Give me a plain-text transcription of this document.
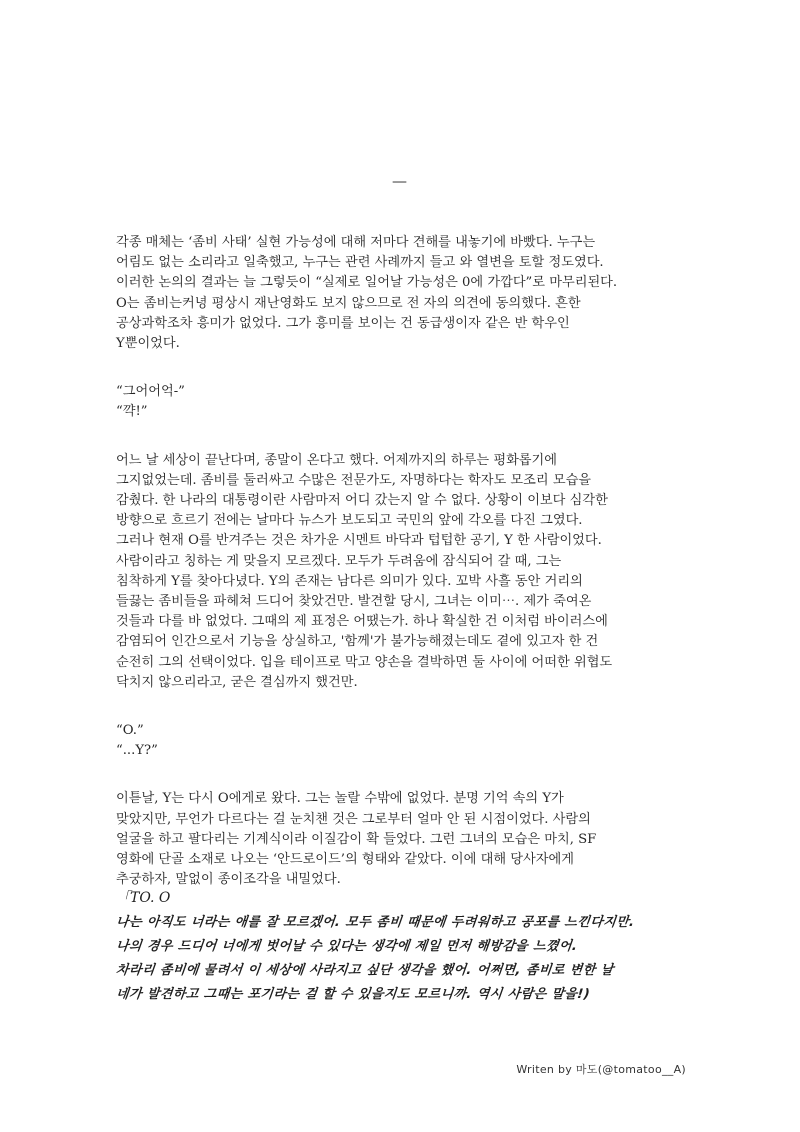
—
각종 매체는 ‘좀비 사태’ 실현 가능성에 대해 저마다 견해를 내놓기에 바빴다. 누구는
어림도 없는 소리라고 일축했고, 누구는 관련 사례까지 들고 와 열변을 토할 정도였다.
이러한 논의의 결과는 늘 그렇듯이 “실제로 일어날 가능성은 0에 가깝다”로 마무리된다.
O는 좀비는커녕 평상시 재난영화도 보지 않으므로 전 자의 의견에 동의했다. 흔한
공상과학조차 흥미가 없었다. 그가 흥미를 보이는 건 동급생이자 같은 반 학우인
Y뿐이었다.
“그어어억-”
“꺅!”
어느 날 세상이 끝난다며, 종말이 온다고 했다. 어제까지의 하루는 평화롭기에
그지없었는데. 좀비를 둘러싸고 수많은 전문가도, 자명하다는 학자도 모조리 모습을
감췄다. 한 나라의 대통령이란 사람마저 어디 갔는지 알 수 없다. 상황이 이보다 심각한
방향으로 흐르기 전에는 날마다 뉴스가 보도되고 국민의 앞에 각오를 다진 그였다.
그러나 현재 O를 반겨주는 것은 차가운 시멘트 바닥과 텁텁한 공기, Y 한 사람이었다.
사람이라고 칭하는 게 맞을지 모르겠다. 모두가 두려움에 잠식되어 갈 때, 그는
침착하게 Y를 찾아다녔다. Y의 존재는 남다른 의미가 있다. 꼬박 사흘 동안 거리의
들끓는 좀비들을 파헤쳐 드디어 찾았건만. 발견할 당시, 그녀는 이미⋯. 제가 죽여온
것들과 다를 바 없었다. 그때의 제 표정은 어땠는가. 하나 확실한 건 이처럼 바이러스에
감염되어 인간으로서 기능을 상실하고, '함께'가 불가능해졌는데도 곁에 있고자 한 건
순전히 그의 선택이었다. 입을 테이프로 막고 양손을 결박하면 둘 사이에 어떠한 위협도
닥치지 않으리라고, 굳은 결심까지 했건만.
“O.”
“...Y?”
이튿날, Y는 다시 O에게로 왔다. 그는 놀랄 수밖에 없었다. 분명 기억 속의 Y가
맞았지만, 무언가 다르다는 걸 눈치챈 것은 그로부터 얼마 안 된 시점이었다. 사람의
얼굴을 하고 팔다리는 기계식이라 이질감이 확 들었다. 그런 그녀의 모습은 마치, SF
영화에 단골 소재로 나오는 ‘안드로이드’의 형태와 같았다. 이에 대해 당사자에게
추궁하자, 말없이 종이조각을 내밀었다.
「TO. O
나는 아직도 너라는 애를 잘 모르겠어. 모두 좀비 때문에 두려워하고 공포를 느낀다지만.
나의 경우 드디어 너에게 벗어날 수 있다는 생각에 제일 먼저 해방감을 느꼈어.
차라리 좀비에 물려서 이 세상에 사라지고 싶단 생각을 했어. 어쩌면, 좀비로 변한 날
네가 발견하고 그때는 포기라는 걸 할 수 있을지도 모르니까. 역시 사람은 말을!)
Writen by 마도(@tomatoo__A)
